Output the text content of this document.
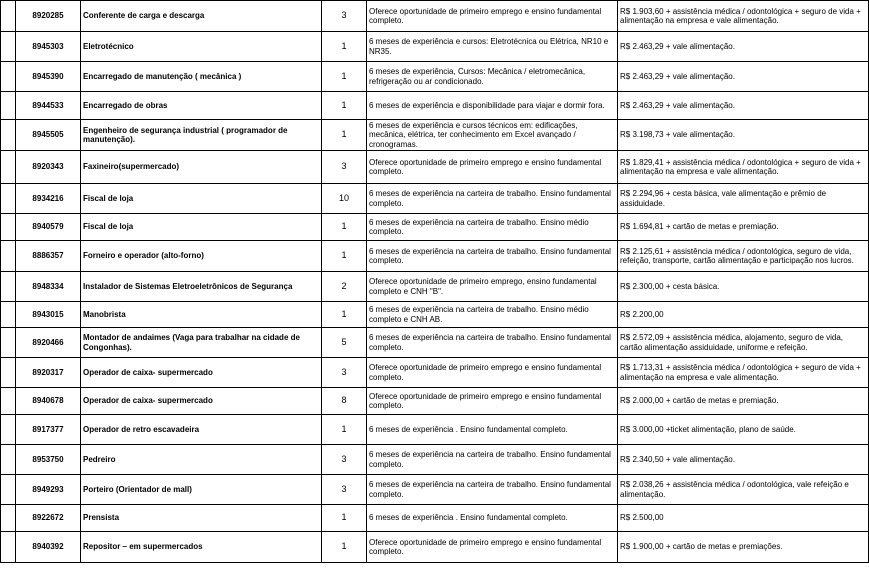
	8920285	Conferente de carga e descarga	3	Oferece oportunidade de primeiro emprego e ensino fundamental completo.	R$ 1.903,60 + assistência médica / odontológica + seguro de vida + alimentação na empresa e vale alimentação.
	8945303	Eletrotécnico	1	6 meses de experiência e cursos: Eletrotécnica ou Elétrica, NR10 e NR35.	R$ 2.463,29 + vale alimentação.
	8945390	Encarregado de manutenção ( mecânica )	1	6 meses de experiência, Cursos: Mecânica / eletromecânica, refrigeração ou ar condicionado.	R$ 2.463,29 + vale alimentação.
	8944533	Encarregado de obras	1	6 meses de experiência e disponibilidade para viajar e dormir fora.	R$ 2.463,29 + vale alimentação.
	8945505	Engenheiro de segurança industrial ( programador de manutenção).	1	6 meses de experiência e cursos técnicos em: edificações, mecânica, elétrica, ter conhecimento em Excel avançado / cronogramas.	R$ 3.198,73 + vale alimentação.
	8920343	Faxineiro(supermercado)	3	Oferece oportunidade de primeiro emprego e ensino fundamental completo.	R$ 1.829,41 + assistência médica / odontológica + seguro de vida + alimentação na empresa e vale alimentação.
	8934216	Fiscal de loja	10	6 meses de experiência na carteira de trabalho. Ensino fundamental completo.	R$ 2.294,96 + cesta básica, vale alimentação e prêmio de assiduidade.
	8940579	Fiscal de loja	1	6 meses de experiência na carteira de trabalho. Ensino médio completo.	R$ 1.694,81 + cartão de metas e premiação.
	8886357	Forneiro e operador (alto-forno)	1	6 meses de experiência na carteira de trabalho. Ensino fundamental completo.	R$ 2.125,61 + assistência médica / odontológica, seguro de vida, refeição, transporte, cartão alimentação e participação nos lucros.
	8948334	Instalador de Sistemas Eletroeletrônicos de Segurança	2	Oferece oportunidade de primeiro emprego, ensino fundamental completo e CNH "B".	R$ 2.300,00 + cesta básica.
	8943015	Manobrista	1	6 meses de experiência na carteira de trabalho. Ensino médio completo e CNH AB.	R$ 2.200,00
	8920466	Montador de andaimes (Vaga para trabalhar na cidade de Congonhas).	5	6 meses de experiência na carteira de trabalho. Ensino fundamental completo.	R$ 2.572,09 + assistência médica, alojamento, seguro de vida, cartão alimentação assiduidade, uniforme e refeição.
	8920317	Operador de caixa- supermercado	3	Oferece oportunidade de primeiro emprego e ensino fundamental completo.	R$ 1.713,31 + assistência médica / odontológica + seguro de vida + alimentação na empresa e vale alimentação.
	8940678	Operador de caixa- supermercado	8	Oferece oportunidade de primeiro emprego e ensino fundamental completo.	R$ 2.000,00 + cartão de metas e premiação.
	8917377	Operador de retro escavadeira	1	6 meses de experiência . Ensino fundamental completo.	R$ 3.000,00 +ticket alimentação, plano de saúde.
	8953750	Pedreiro	3	6 meses de experiência na carteira de trabalho. Ensino fundamental completo.	R$ 2.340,50 + vale alimentação.
	8949293	Porteiro (Orientador de mall)	3	6 meses de experiência na carteira de trabalho. Ensino fundamental completo.	R$ 2.038,26 + assistência médica / odontológica, vale refeição e alimentação.
	8922672	Prensista	1	6 meses de experiência . Ensino fundamental completo.	R$ 2.500,00
	8940392	Repositor – em supermercados	1	Oferece oportunidade de primeiro emprego e ensino fundamental completo.	R$ 1.900,00 + cartão de metas e premiações.
